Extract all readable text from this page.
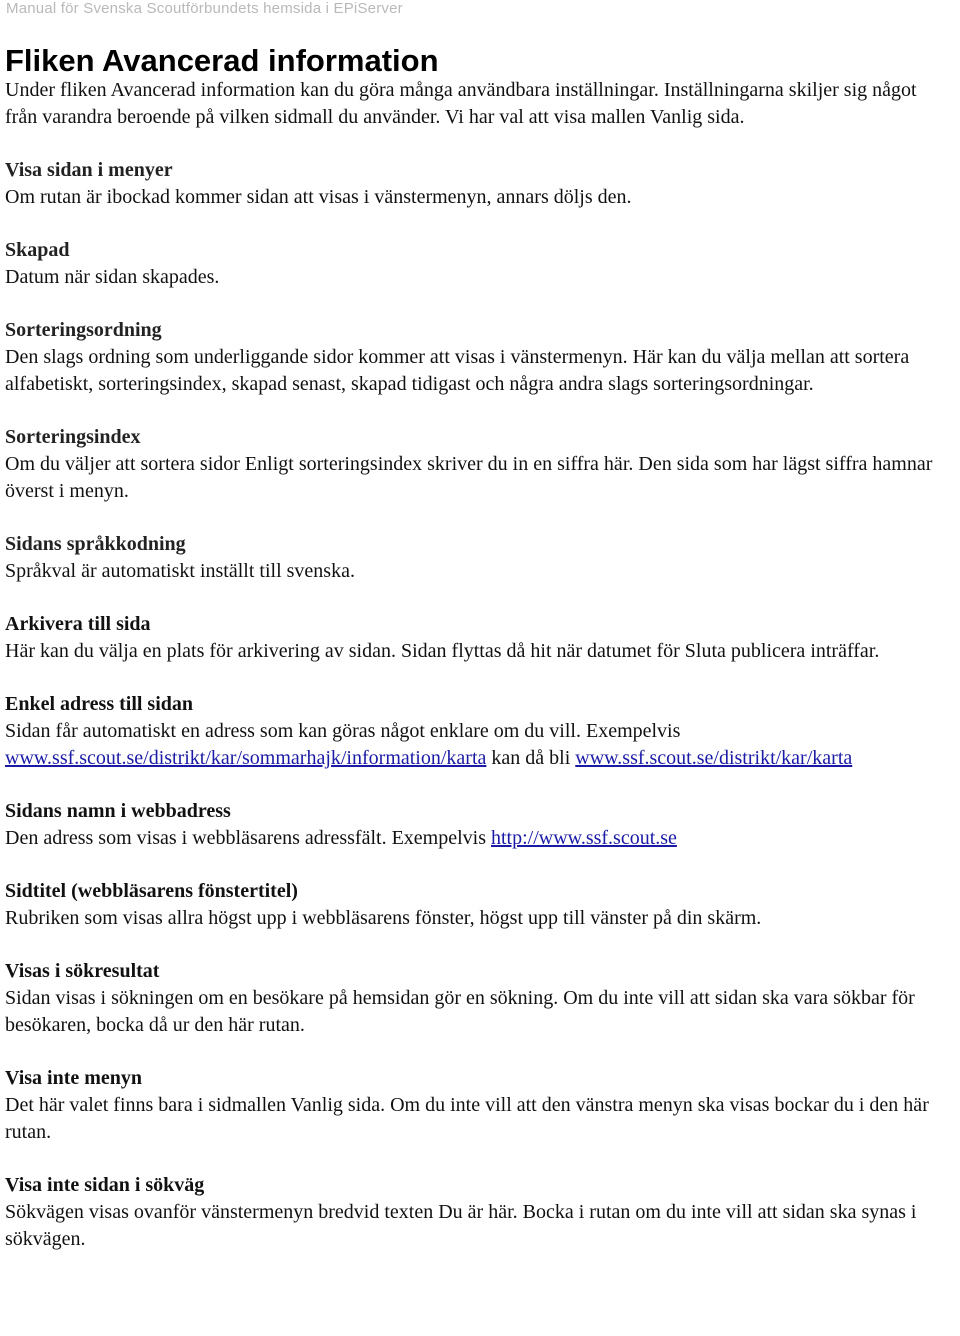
Manual för Svenska Scoutförbundets hemsida i EPiServer
Fliken Avancerad information

Under fliken Avancerad information kan du göra många användbara inställningar. Inställningarna skiljer sig något från varandra beroende på vilken sidmall du använder. Vi har val att visa mallen Vanlig sida.

Visa sidan i menyer

Om rutan är ibockad kommer sidan att visas i vänstermenyn, annars döljs den.

Skapad

Datum när sidan skapades.

Sorteringsordning

Den slags ordning som underliggande sidor kommer att visas i vänstermenyn. Här kan du välja mellan att sortera alfabetiskt, sorteringsindex, skapad senast, skapad tidigast och några andra slags sorteringsordningar.

Sorteringsindex

Om du väljer att sortera sidor Enligt sorteringsindex skriver du in en siffra här. Den sida som har lägst siffra hamnar överst i menyn.

Sidans språkkodning

Språkval är automatiskt inställt till svenska.

Arkivera till sida

Här kan du välja en plats för arkivering av sidan. Sidan flyttas då hit när datumet för Sluta publicera inträffar.

Enkel adress till sidan

Sidan får automatiskt en adress som kan göras något enklare om du vill. Exempelvis www.ssf.scout.se/distrikt/kar/sommarhajk/information/karta kan då bli www.ssf.scout.se/distrikt/kar/karta

Sidans namn i webbadress

Den adress som visas i webbläsarens adressfält. Exempelvis http://www.ssf.scout.se

Sidtitel (webbläsarens fönstertitel)

Rubriken som visas allra högst upp i webbläsarens fönster, högst upp till vänster på din skärm.

Visas i sökresultat

Sidan visas i sökningen om en besökare på hemsidan gör en sökning. Om du inte vill att sidan ska vara sökbar för besökaren, bocka då ur den här rutan.

Visa inte menyn

Det här valet finns bara i sidmallen Vanlig sida. Om du inte vill att den vänstra menyn ska visas bockar du i den här rutan.

Visa inte sidan i sökväg

Sökvägen visas ovanför vänstermenyn bredvid texten Du är här. Bocka i rutan om du inte vill att sidan ska synas i sökvägen.
